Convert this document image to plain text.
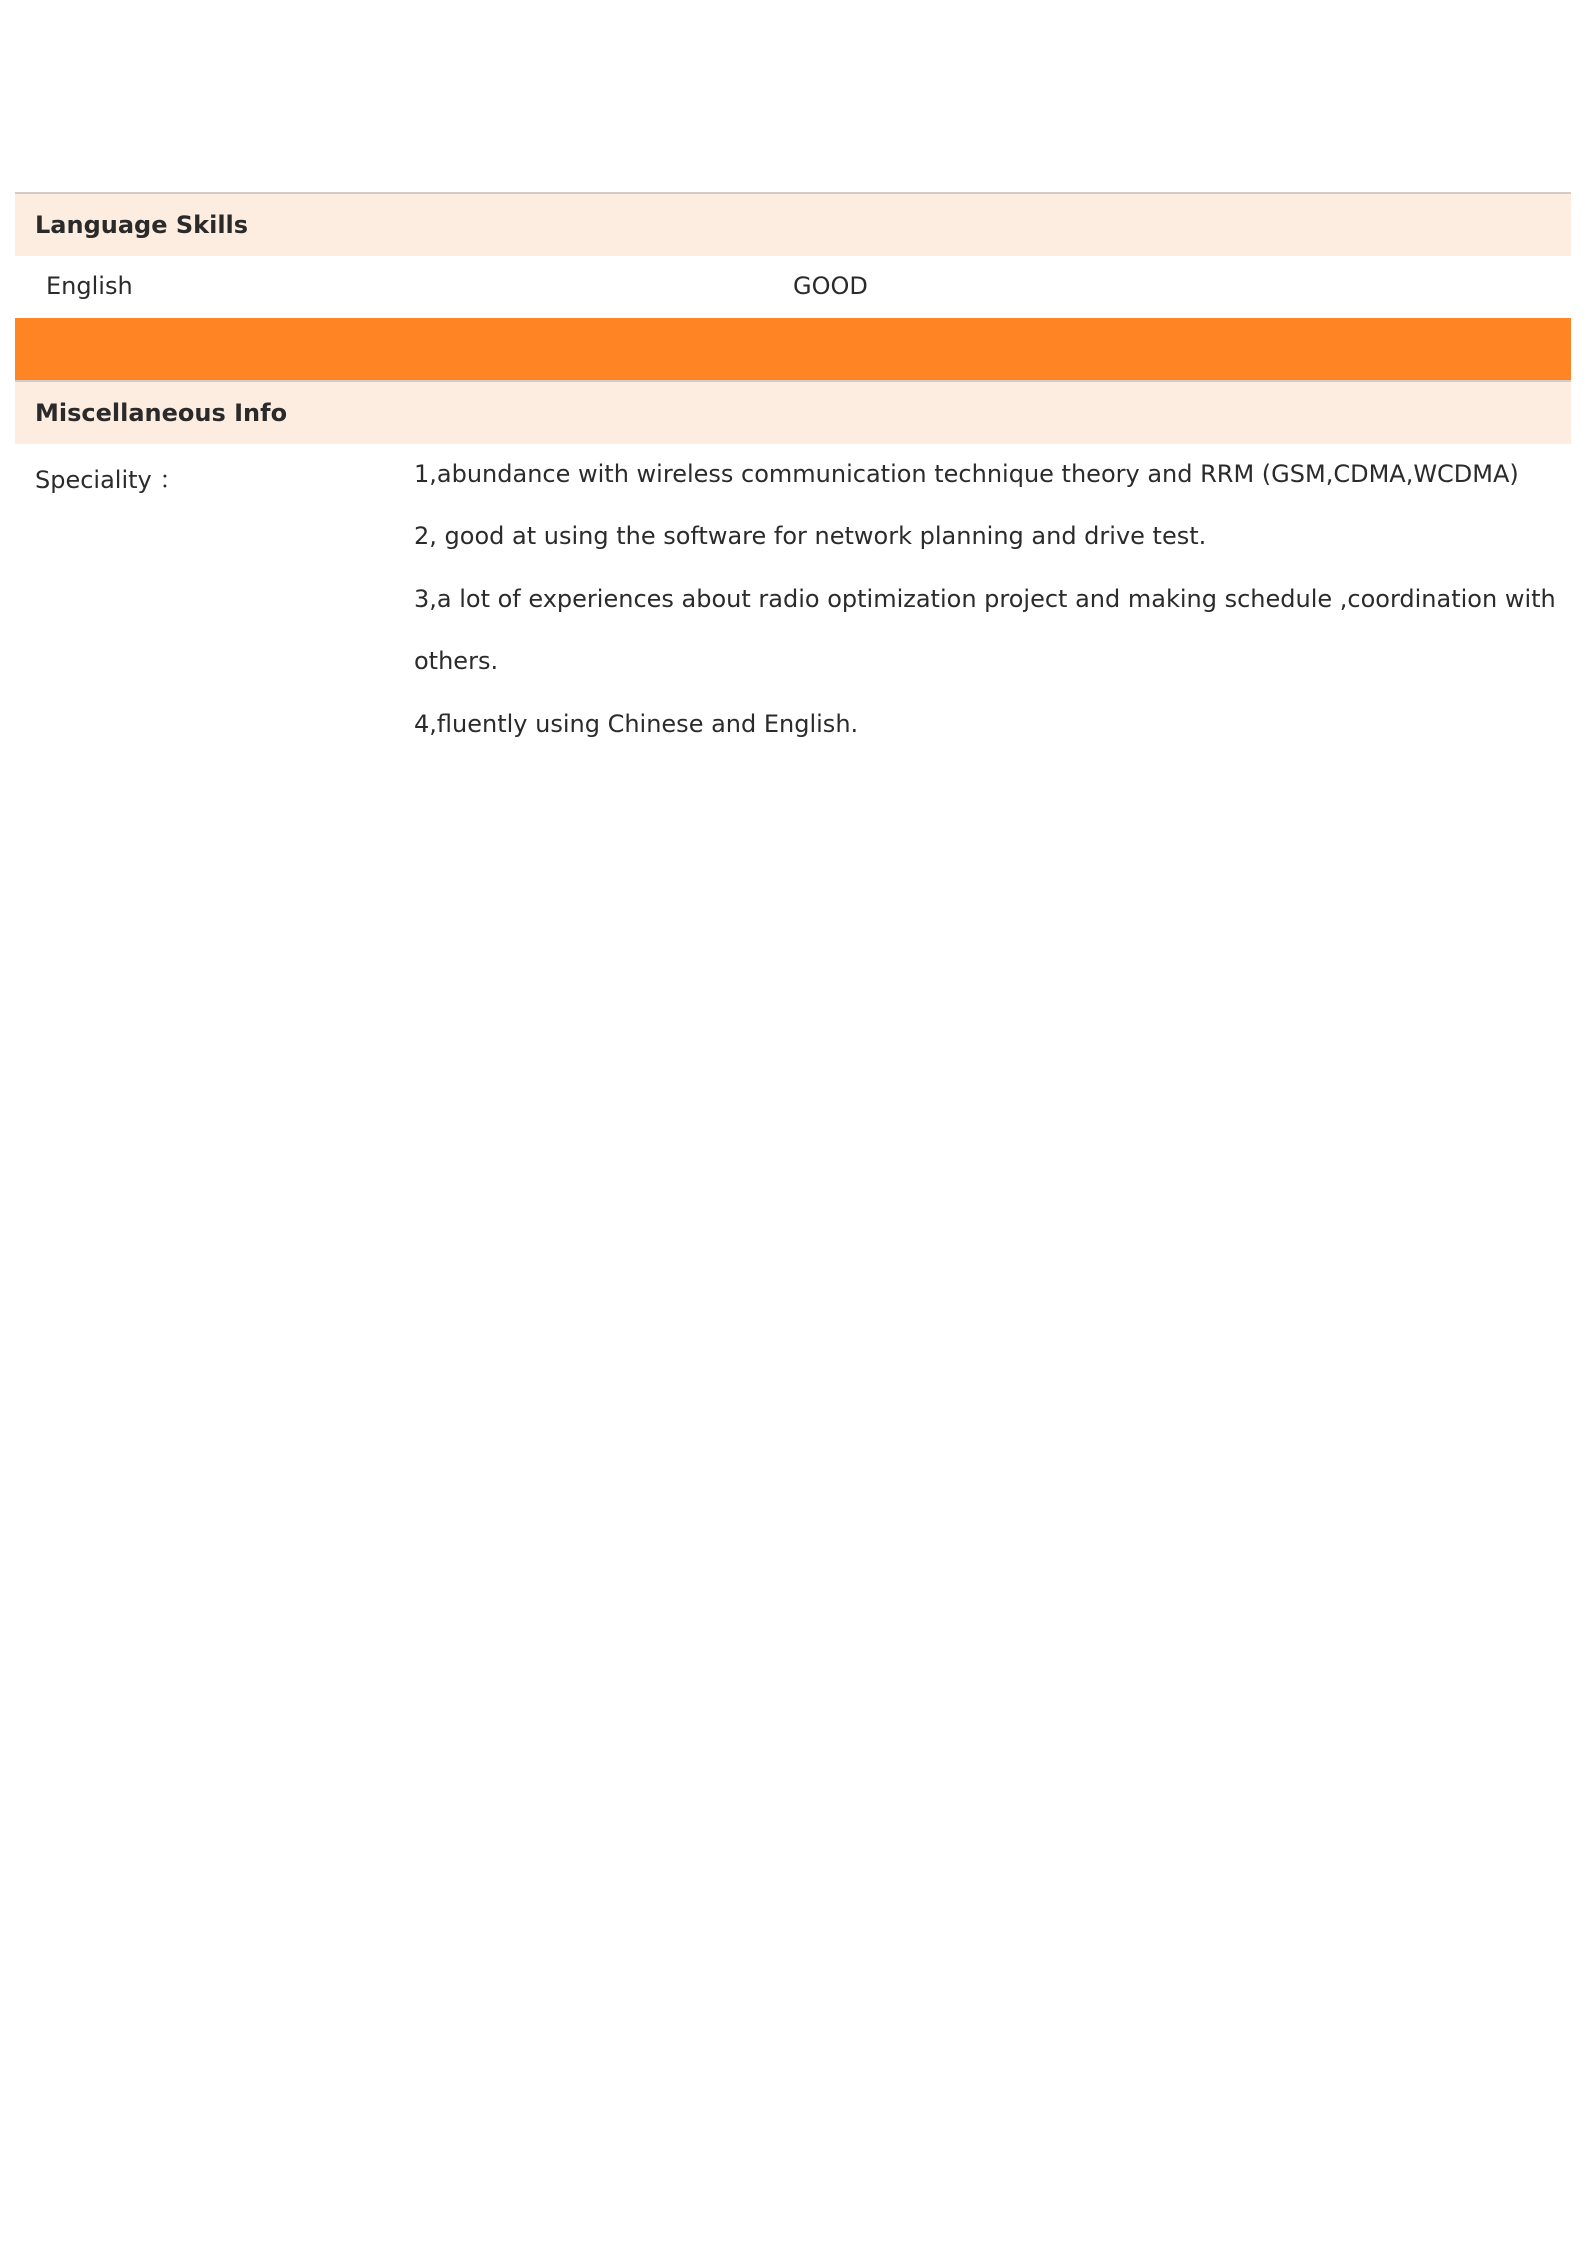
Language Skills
English	GOOD
Miscellaneous Info
Speciality ：	1,abundance with wireless communication technique theory and RRM (GSM,CDMA,WCDMA)
2, good at using the software for network planning and drive test.
3,a lot of experiences about radio optimization project and making schedule ,coordination with
others.
4,fluently using Chinese and English.
